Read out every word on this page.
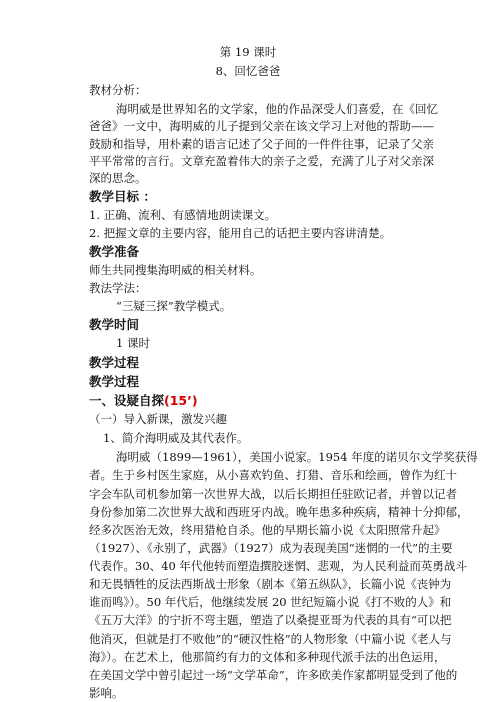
第 19 课时
8、回忆爸爸
教材分析：
海明威是世界知名的文学家，他的作品深受人们喜爱，在《回忆
爸爸》一文中，海明威的儿子提到父亲在该文学习上对他的帮助——
鼓励和指导，用朴素的语言记述了父子间的一件件往事，记录了父亲
平平常常的言行。文章充盈着伟大的亲子之爱，充满了儿子对父亲深
深的思念。
教学目标 ：
1. 正确、流利、有感情地朗读课文。
2. 把握文章的主要内容，能用自己的话把主要内容讲清楚。
教学准备
师生共同搜集海明威的相关材料。
教法学法：
“三疑三探”教学模式。
教学时间
1 课时
教学过程
教学过程
一、设疑自探(15’)
（一）导入新课，激发兴趣
1、简介海明威及其代表作。
海明威（1899—1961），美国小说家。1954 年度的诺贝尔文学奖获得
者。生于乡村医生家庭，从小喜欢钓鱼、打猎、音乐和绘画，曾作为红十
字会车队司机参加第一次世界大战，以后长期担任驻欧记者，并曾以记者
身份参加第二次世界大战和西班牙内战。晚年患多种疾病，精神十分抑郁，
经多次医治无效，终用猎枪自杀。他的早期长篇小说《太阳照常升起》
（1927）、《永别了，武器》（1927）成为表现美国“迷惘的一代”的主要
代表作。30、40 年代他转而塑造撰胶迷惘、悲观，为人民利益而英勇战斗
和无畏牺牲的反法西斯战士形象（剧本《第五纵队》，长篇小说《丧钟为
谁而鸣》）。50 年代后，他继续发展 20 世纪短篇小说《打不败的人》和
《五万大洋》的宁折不弯主题，塑造了以桑提亚哥为代表的具有“可以把
他消灭，但就是打不败他”的“硬汉性格”的人物形象（中篇小说《老人与
海》）。在艺术上，他那简约有力的文体和多种现代派手法的出色运用，
在美国文学中曾引起过一场“文学革命”，许多欧美作家都明显受到了他的
影响。
